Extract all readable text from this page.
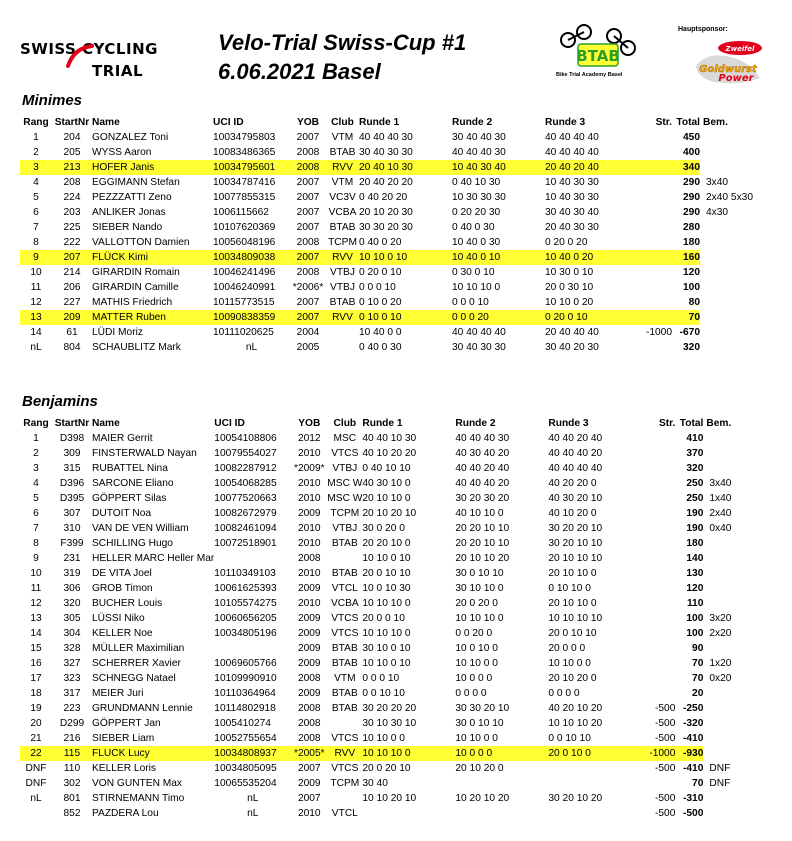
SWISS CYCLING
TRIAL
Velo-Trial Swiss-Cup #1
6.06.2021 Basel
BTAB
Bike Trial Academy Basel
Hauptsponsor:
Zweifel
Goldwurst
Power
Minimes
Rang	StartNr	Name	UCI ID	YOB	Club	Runde 1	Runde 2	Runde 3	Str.	Total	Bem.
1	204	GONZALEZ Toni	10034795803	2007	VTM	40 40 40 30	30 40 40 30	40 40 40 40		450	
2	205	WYSS Aaron	10083486365	2008	BTAB	30 40 30 30	40 40 40 30	40 40 40 40		400	
3	213	HOFER Janis	10034795601	2008	RVV	20 40 10 30	10 40 30 40	20 40 20 40		340	
4	208	EGGIMANN Stefan	10034787416	2007	VTM	20 40 20 20	0 40 10 30	10 40 30 30		290	3x40
5	224	PEZZZATTI Zeno	10077855315	2007	VC3V	0 40 20 20	10 30 30 30	10 40 30 30		290	2x40 5x30
6	203	ANLIKER Jonas	1006115662	2007	VCBA	20 10 20 30	0 20 20 30	30 40 30 40		290	4x30
7	225	SIEBER Nando	10107620369	2007	BTAB	30 30 20 30	0 40 0 30	20 40 30 30		280	
8	222	VALLOTTON Damien	10056048196	2008	TCPM	0 40 0 20	10 40 0 30	0 20 0 20		180	
9	207	FLÜCK Kimi	10034809038	2007	RVV	10 10 0 10	10 40 0 10	10 40 0 20		160	
10	214	GIRARDIN Romain	10046241496	2008	VTBJ	0 20 0 10	0 30 0 10	10 30 0 10		120	
11	206	GIRARDIN Camille	10046240991	*2006*	VTBJ	0 0 0 10	10 10 10 0	20 0 30 10		100	
12	227	MATHIS Friedrich	10115773515	2007	BTAB	0 10 0 20	0 0 0 10	10 10 0 20		80	
13	209	MATTER Ruben	10090838359	2007	RVV	0 10 0 10	0 0 0 20	0 20 0 10		70	
14	61	LÜDI Moriz	10111020625	2004		10 40 0 0	40 40 40 40	20 40 40 40	-1000	-670	
nL	804	SCHAUBLITZ Mark	nL	2005		0 40 0 30	30 40 30 30	30 40 20 30		320	
Benjamins
Rang	StartNr	Name	UCI ID	YOB	Club	Runde 1	Runde 2	Runde 3	Str.	Total	Bem.
1	D398	MAIER Gerrit	10054108806	2012	MSC	40 40 10 30	40 40 40 30	40 40 20 40		410	
2	309	FINSTERWALD Nayan	10079554027	2010	VTCS	40 10 20 20	40 30 40 20	40 40 40 20		370	
3	315	RUBATTEL Nina	10082287912	*2009*	VTBJ	0 40 10 10	40 40 20 40	40 40 40 40		320	
4	D396	SARCONE Eliano	10054068285	2010	MSC W	40 30 10 0	40 40 40 20	40 20 20 0		250	3x40
5	D395	GÖPPERT Silas	10077520663	2010	MSC W	20 10 10 0	30 20 30 20	40 30 20 10		250	1x40
6	307	DUTOIT Noa	10082672979	2009	TCPM	20 10 20 10	40 10 10 0	40 10 20 0		190	2x40
7	310	VAN DE VEN William	10082461094	2010	VTBJ	30 0 20 0	20 20 10 10	30 20 20 10		190	0x40
8	F399	SCHILLING Hugo	10072518901	2010	BTAB	20 20 10 0	20 20 10 10	30 20 10 10		180	
9	231	HELLER MARC Heller Mar		2008		10 10 0 10	20 10 10 20	20 10 10 10		140	
10	319	DE VITA Joel	10110349103	2010	BTAB	20 0 10 10	30 0 10 10	20 10 10 0		130	
11	306	GROB Timon	10061625393	2009	VTCL	10 0 10 30	30 10 10 0	0 10 10 0		120	
12	320	BUCHER Louis	10105574275	2010	VCBA	10 10 10 0	20 0 20 0	20 10 10 0		110	
13	305	LÜSSI Niko	10060656205	2009	VTCS	20 0 0 10	10 10 10 0	10 10 10 10		100	3x20
14	304	KELLER Noe	10034805196	2009	VTCS	10 10 10 0	0 0 20 0	20 0 10 10		100	2x20
15	328	MÜLLER Maximilian		2009	BTAB	30 10 0 10	10 0 10 0	20 0 0 0		90	
16	327	SCHERRER Xavier	10069605766	2009	BTAB	10 10 0 10	10 10 0 0	10 10 0 0		70	1x20
17	323	SCHNEGG Natael	10109990910	2008	VTM	0 0 0 10	10 0 0 0	20 10 20 0		70	0x20
18	317	MEIER Juri	10110364964	2009	BTAB	0 0 10 10	0 0 0 0	0 0 0 0		20	
19	223	GRUNDMANN Lennie	10114802918	2008	BTAB	30 20 20 20	30 30 20 10	40 20 10 20	-500	-250	
20	D299	GÖPPERT Jan	1005410274	2008		30 10 30 10	30 0 10 10	10 10 10 20	-500	-320	
21	216	SIEBER Liam	10052755654	2008	VTCS	10 10 0 0	10 10 0 0	0 0 10 10	-500	-410	
22	115	FLUCK Lucy	10034808937	*2005*	RVV	10 10 10 0	10 0 0 0	20 0 10 0	-1000	-930	
DNF	110	KELLER Loris	10034805095	2007	VTCS	20 0 20 10	20 10 20 0		-500	-410	DNF
DNF	302	VON GUNTEN Max	10065535204	2009	TCPM	30 40				70	DNF
nL	801	STIRNEMANN Timo	nL	2007		10 10 20 10	10 20 10 20	30 20 10 20	-500	-310	
	852	PAZDERA Lou	nL	2010	VTCL				-500	-500	
